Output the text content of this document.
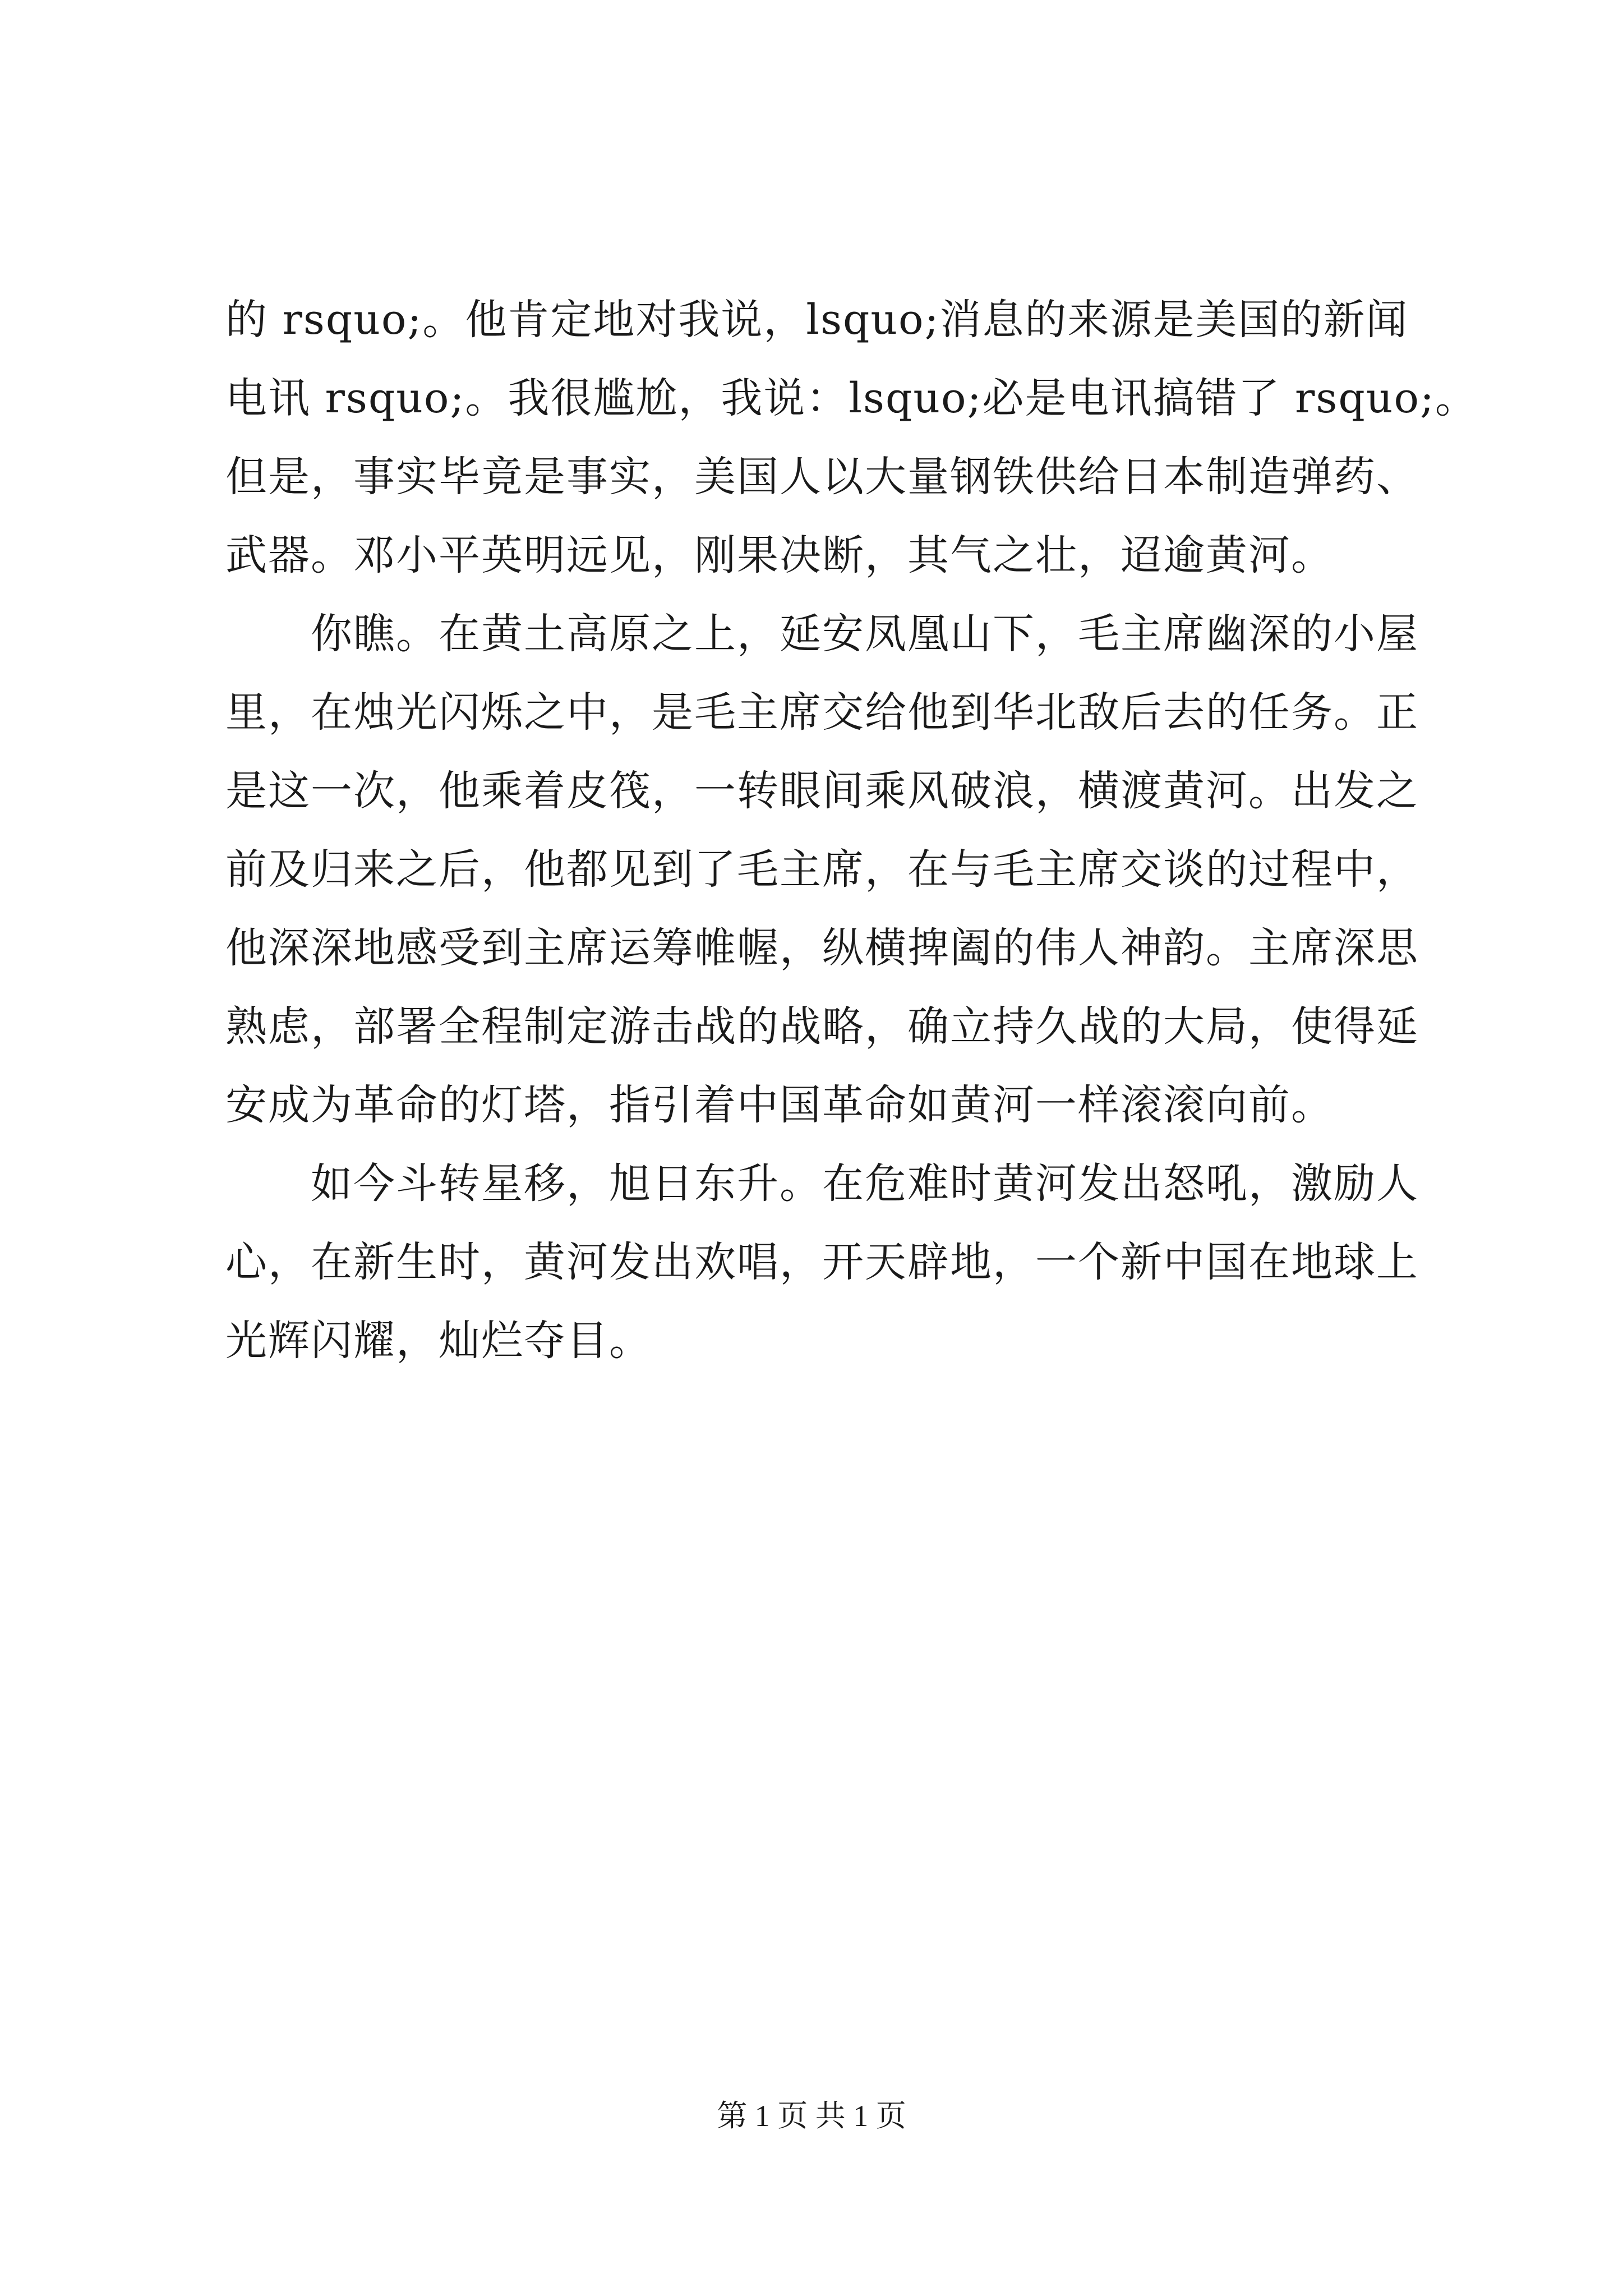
的 rsquo;。他肯定地对我说，lsquo;消息的来源是美国的新闻
电讯 rsquo;。我很尴尬，我说：lsquo;必是电讯搞错了 rsquo;。
但是，事实毕竟是事实，美国人以大量钢铁供给日本制造弹药、
武器。邓小平英明远见，刚果决断，其气之壮，迢逾黄河。
　　你瞧。在黄土高原之上，延安凤凰山下，毛主席幽深的小屋
里，在烛光闪烁之中，是毛主席交给他到华北敌后去的任务。正
是这一次，他乘着皮筏，一转眼间乘风破浪，横渡黄河。出发之
前及归来之后，他都见到了毛主席，在与毛主席交谈的过程中，
他深深地感受到主席运筹帷幄，纵横捭阖的伟人神韵。主席深思
熟虑，部署全程制定游击战的战略，确立持久战的大局，使得延
安成为革命的灯塔，指引着中国革命如黄河一样滚滚向前。
　　如今斗转星移，旭日东升。在危难时黄河发出怒吼，激励人
心，在新生时，黄河发出欢唱，开天辟地，一个新中国在地球上
光辉闪耀，灿烂夺目。
第 1 页 共 1 页
